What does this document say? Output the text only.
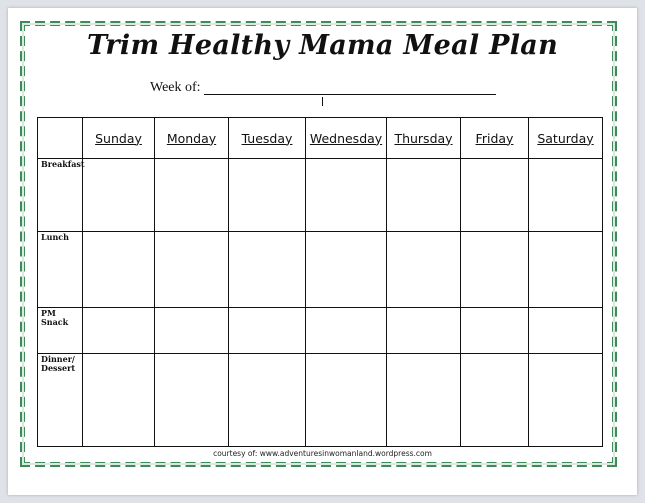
Trim Healthy Mama Meal Plan
Week of:
	Sunday	Monday	Tuesday	Wednesday	Thursday	Friday	Saturday

Breakfast							

Lunch							

PM
Snack							

Dinner/
Dessert							

courtesy of: www.adventuresinwomanland.wordpress.com
